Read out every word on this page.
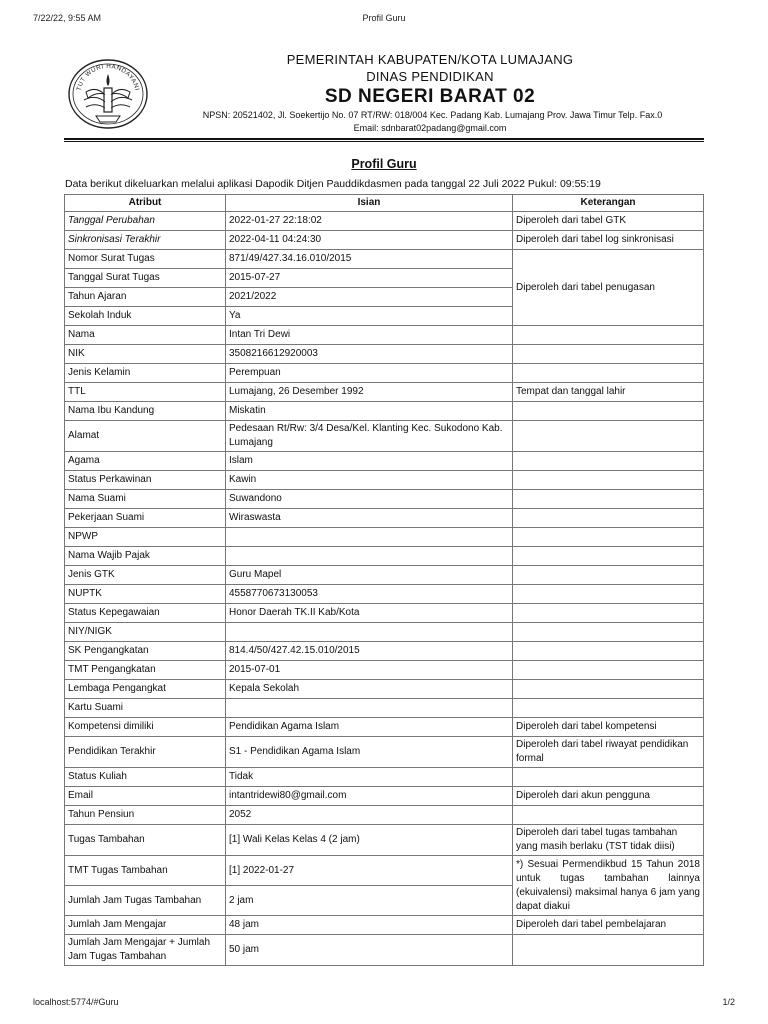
7/22/22, 9:55 AM	Profil Guru
TUT WURI HANDAYANI
PEMERINTAH KABUPATEN/KOTA LUMAJANG
DINAS PENDIDIKAN
SD NEGERI BARAT 02
NPSN: 20521402, Jl. Soekertijo No. 07 RT/RW: 018/004 Kec. Padang Kab. Lumajang Prov. Jawa Timur Telp. Fax.0
Email: sdnbarat02padang@gmail.com
Profil Guru
Data berikut dikeluarkan melalui aplikasi Dapodik Ditjen Pauddikdasmen pada tanggal 22 Juli 2022 Pukul: 09:55:19
Atribut	Isian	Keterangan
Tanggal Perubahan	2022-01-27 22:18:02	Diperoleh dari tabel GTK
Sinkronisasi Terakhir	2022-04-11 04:24:30	Diperoleh dari tabel log sinkronisasi
Nomor Surat Tugas	871/49/427.34.16.010/2015	Diperoleh dari tabel penugasan
Tanggal Surat Tugas	2015-07-27	
Tahun Ajaran	2021/2022	
Sekolah Induk	Ya	
Nama	Intan Tri Dewi	
NIK	3508216612920003	
Jenis Kelamin	Perempuan	
TTL	Lumajang, 26 Desember 1992	Tempat dan tanggal lahir
Nama Ibu Kandung	Miskatin	
Alamat	Pedesaan Rt/Rw: 3/4 Desa/Kel. Klanting Kec. Sukodono Kab. Lumajang	
Agama	Islam	
Status Perkawinan	Kawin	
Nama Suami	Suwandono	
Pekerjaan Suami	Wiraswasta	
NPWP		
Nama Wajib Pajak		
Jenis GTK	Guru Mapel	
NUPTK	4558770673130053	
Status Kepegawaian	Honor Daerah TK.II Kab/Kota	
NIY/NIGK		
SK Pengangkatan	814.4/50/427.42.15.010/2015	
TMT Pengangkatan	2015-07-01	
Lembaga Pengangkat	Kepala Sekolah	
Kartu Suami		
Kompetensi dimiliki	Pendidikan Agama Islam	Diperoleh dari tabel kompetensi
Pendidikan Terakhir	S1 - Pendidikan Agama Islam	Diperoleh dari tabel riwayat pendidikan formal
Status Kuliah	Tidak	
Email	intantridewi80@gmail.com	Diperoleh dari akun pengguna
Tahun Pensiun	2052	
Tugas Tambahan	[1] Wali Kelas Kelas 4 (2 jam)	Diperoleh dari tabel tugas tambahan yang masih berlaku (TST tidak diisi)
TMT Tugas Tambahan	[1] 2022-01-27	*) Sesuai Permendikbud 15 Tahun 2018 untuk tugas tambahan lainnya (ekuivalensi) maksimal hanya 6 jam yang dapat diakui
Jumlah Jam Tugas Tambahan	2 jam	
Jumlah Jam Mengajar	48 jam	Diperoleh dari tabel pembelajaran
Jumlah Jam Mengajar + Jumlah Jam Tugas Tambahan	50 jam	
localhost:5774/#Guru	1/2
